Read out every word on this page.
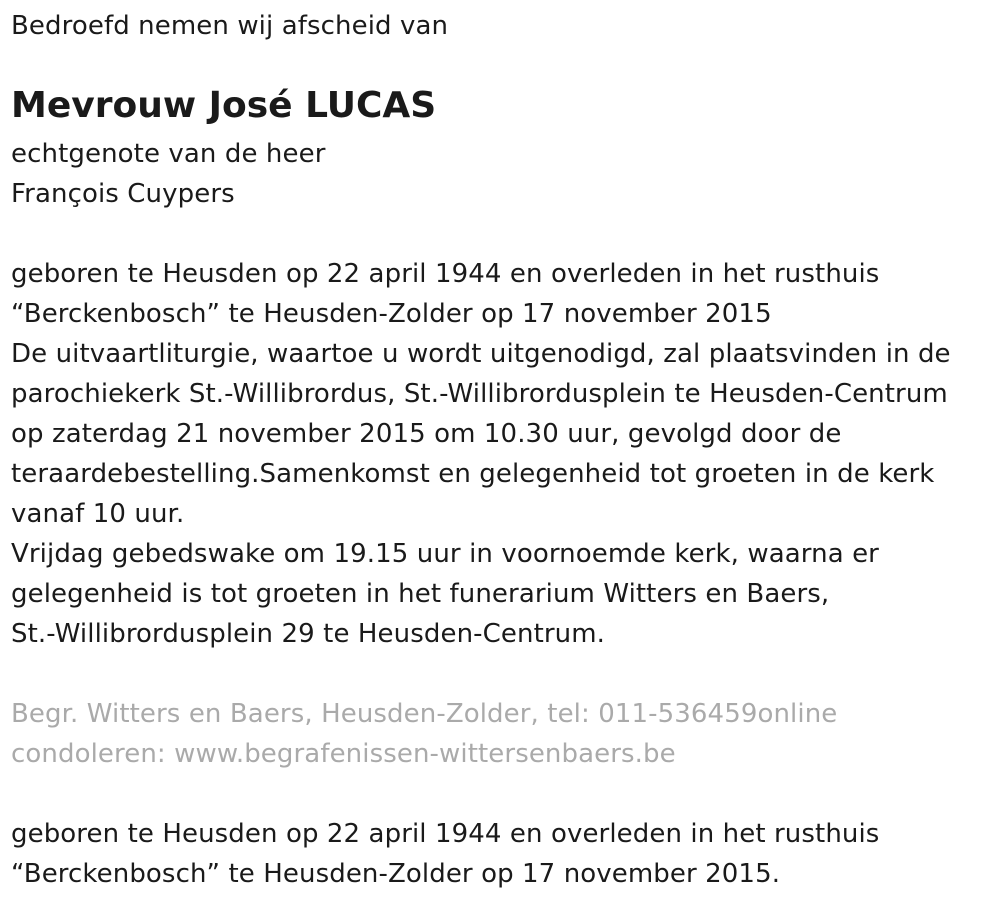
Bedroefd nemen wij afscheid van
Mevrouw José LUCAS
echtgenote van de heer
François Cuypers
geboren te Heusden op 22 april 1944 en overleden in het rusthuis
“Berckenbosch” te Heusden-Zolder op 17 november 2015
De uitvaartliturgie, waartoe u wordt uitgenodigd, zal plaatsvinden in de
parochiekerk St.-Willibrordus, St.-Willibrordusplein te Heusden-Centrum
op zaterdag 21 november 2015 om 10.30 uur, gevolgd door de
teraardebestelling.Samenkomst en gelegenheid tot groeten in de kerk
vanaf 10 uur.
Vrijdag gebedswake om 19.15 uur in voornoemde kerk, waarna er
gelegenheid is tot groeten in het funerarium Witters en Baers,
St.-Willibrordusplein 29 te Heusden-Centrum.
Begr. Witters en Baers, Heusden-Zolder, tel: 011-536459online
condoleren: www.begrafenissen-wittersenbaers.be
geboren te Heusden op 22 april 1944 en overleden in het rusthuis
“Berckenbosch” te Heusden-Zolder op 17 november 2015.
